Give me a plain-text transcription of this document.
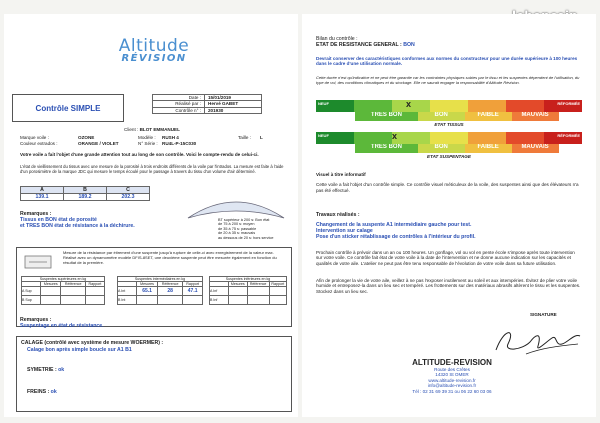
Altitude
RÉVISION
Contrôle SIMPLE
Date :	15/01/2019
Réalisé par :	Hervé GABET
Contrôle n° :	201930
Client : BLOT EMMANUEL
Marque voile :	OZONE	Modèle : RUSH 4	Taille : L
Couleur extrados :	ORANGE / VIOLET	N° Série : RU4L-P-15C030
Votre voile a fait l'objet d'une grande attention tout au long de son contrôle. Voici le compte-rendu de celui-ci.
L'état de vieillissement du tissus avec une mesure de la porosité à trois endroits différents de la voile par l'intrados. La mesure est faite à l'aide d'un porosimètre de la marque JDC qui mesure le temps écoulé pour le passage à travers du tissu d'un volume d'air déterminé.
A	B	C
139.1	189.2	202.3
BT supérieur à 200 s: Bon état
de 75 à 200 s: moyen
de 35 à 75 s: passable
de 20 à 35 s: mauvais
au dessous de 20 s: hors service
Remarques :
Tissus en BON état de porosité
et TRES BON état de résistance à la déchirure.
Mesure de la résistance par étirement d'une suspente jusqu'à rupture de celle-ci avec enregistrement de la valeur max. Réalisé avec un dynamomètre modèle DFIS-8SET, une deuxième suspente peut être mesurée également en fonction du résultat de la première.
Suspentes supérieures en kg			
	Mesures	Référence	Rapport
A Sup			
B Sup			
Suspentes intermédiaires en kg			
	Mesures	Référence	Rapport
A Int	65.1	28	47.1
B Int			
Suspentes inférieures en kg			
	Mesures	Référence	Rapport
A Inf			
B Inf			
Remarques :
Suspentage en état de résistance.
CALAGE (contrôlé avec système de mesure WOERMER) :
Calage bon après simple boucle sur A1 B1
SYMETRIE : ok
FREINS : ok
Bilan du contrôle :
ETAT DE RESISTANCE GENERAL : BON
Devrait conserver des caractéristiques conformes aux normes du constructeur pour une durée supérieure à 100 heures dans le cadre d'une utilisation normale.
Cette durée n'est qu'indicative et ne peut être garantie car les contraintes physiques subies par le tissu et les suspentes dépendent de l'utilisation, du type de vol, des conditions climatiques et du stockage. Elle ne saurait engager la responsabilité d'Altitude Révision.
NEUF	RÉFORMÉE
x
TRES BON	BON	FAIBLE	MAUVAIS
ETAT TISSUS
NEUF	RÉFORMÉE
x
TRES BON	BON	FAIBLE	MAUVAIS
ETAT SUSPENTAGE
Visuel à titre informatif
Cette voile a fait l'objet d'un contrôle simple. Ce contrôle visuel méticuleux de la voile, des suspentes ainsi que des élévateurs n'a pas été effectué.
Travaux réalisés :
Changement de la suspente A1 intermédiaire gauche pour test.
Intervention sur calage
Pose d'un sticker rétablissage de contrôles à l'intérieur du profil.
Prochain contrôle à prévoir dans un an ou 100 heures. Un gonflage, vol ou vol en pente école s'impose après toute intervention sur votre voile. Ce contrôle fait état de votre voile à la date de l'intervention et ne donne aucune indication sur les capacités et qualités de votre aile. L'atelier ne peut pas être tenu responsable de l'évolution de votre voile dans sa future utilisation.
Afin de prolonger la vie de votre aile, veillez à ne pas l'exposer inutilement au soleil et aux intempéries. Évitez de plier votre voile humide et entreposez-la dans un lieu sec et tempéré. Les frottements sur des matériaux abrasifs altèrent le tissu et les suspentes. Stockez dans un lieu sec.
SIGNATURE
ALTITUDE-REVISION
Route des Crêtes
14320 St OMER
www.altitude-revision.fr
info@altitude-revision.fr
Tél : 02 31 69 39 31 ou 06 22 60 03 06
